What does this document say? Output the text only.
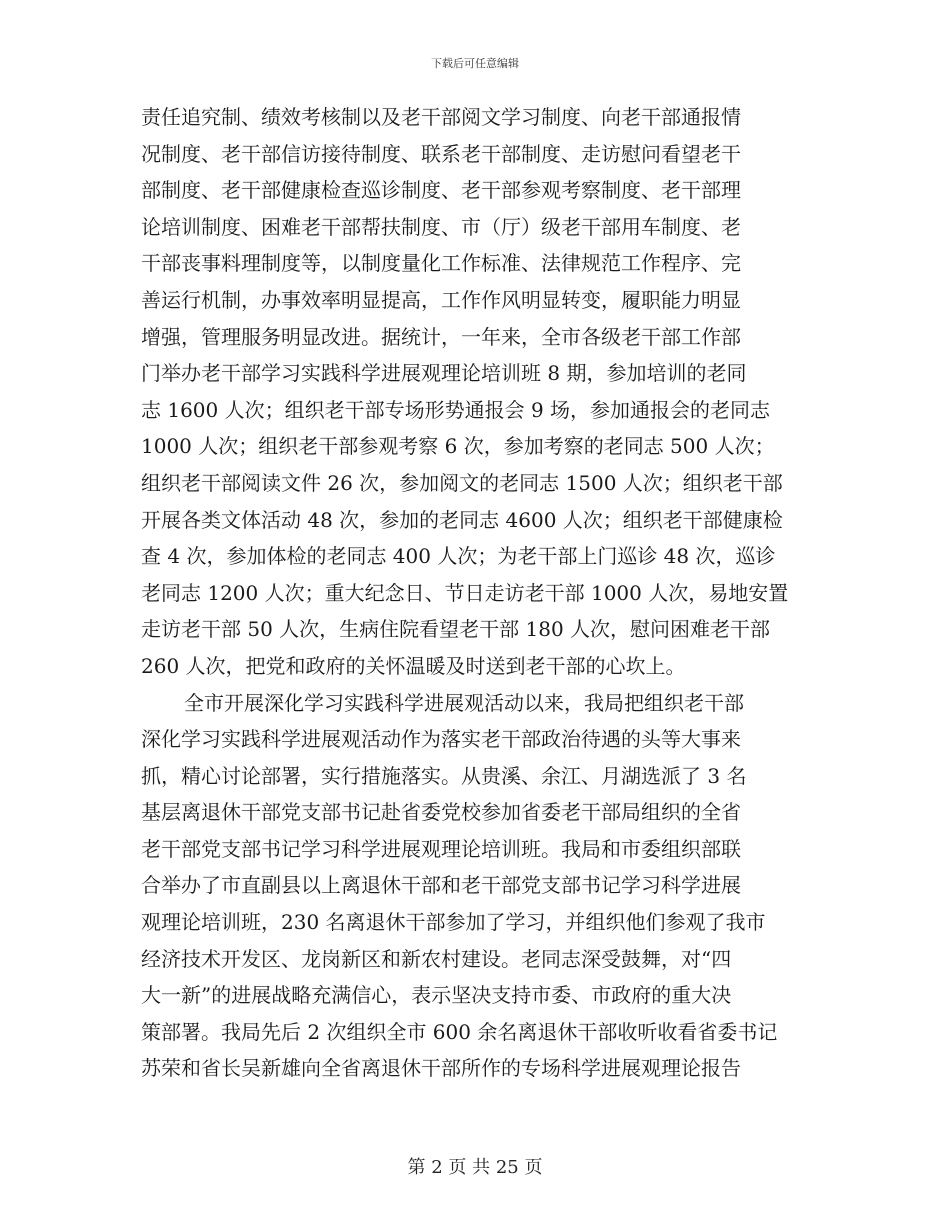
下载后可任意编辑
责任追究制、绩效考核制以及老干部阅文学习制度、向老干部通报情
况制度、老干部信访接待制度、联系老干部制度、走访慰问看望老干
部制度、老干部健康检查巡诊制度、老干部参观考察制度、老干部理
论培训制度、困难老干部帮扶制度、市（厅）级老干部用车制度、老
干部丧事料理制度等，以制度量化工作标准、法律规范工作程序、完
善运行机制，办事效率明显提高，工作作风明显转变，履职能力明显
增强，管理服务明显改进。据统计，一年来，全市各级老干部工作部
门举办老干部学习实践科学进展观理论培训班 8 期，参加培训的老同
志 1600 人次；组织老干部专场形势通报会 9 场，参加通报会的老同志
1000 人次；组织老干部参观考察 6 次，参加考察的老同志 500 人次；
组织老干部阅读文件 26 次，参加阅文的老同志 1500 人次；组织老干部
开展各类文体活动 48 次，参加的老同志 4600 人次；组织老干部健康检
查 4 次，参加体检的老同志 400 人次；为老干部上门巡诊 48 次，巡诊
老同志 1200 人次；重大纪念日、节日走访老干部 1000 人次，易地安置
走访老干部 50 人次，生病住院看望老干部 180 人次，慰问困难老干部
260 人次，把党和政府的关怀温暖及时送到老干部的心坎上。
全市开展深化学习实践科学进展观活动以来，我局把组织老干部
深化学习实践科学进展观活动作为落实老干部政治待遇的头等大事来
抓，精心讨论部署，实行措施落实。从贵溪、余江、月湖选派了 3 名
基层离退休干部党支部书记赴省委党校参加省委老干部局组织的全省
老干部党支部书记学习科学进展观理论培训班。我局和市委组织部联
合举办了市直副县以上离退休干部和老干部党支部书记学习科学进展
观理论培训班，230 名离退休干部参加了学习，并组织他们参观了我市
经济技术开发区、龙岗新区和新农村建设。老同志深受鼓舞，对“四
大一新”的进展战略充满信心，表示坚决支持市委、市政府的重大决
策部署。我局先后 2 次组织全市 600 余名离退休干部收听收看省委书记
苏荣和省长吴新雄向全省离退休干部所作的专场科学进展观理论报告
第 2 页 共 25 页
